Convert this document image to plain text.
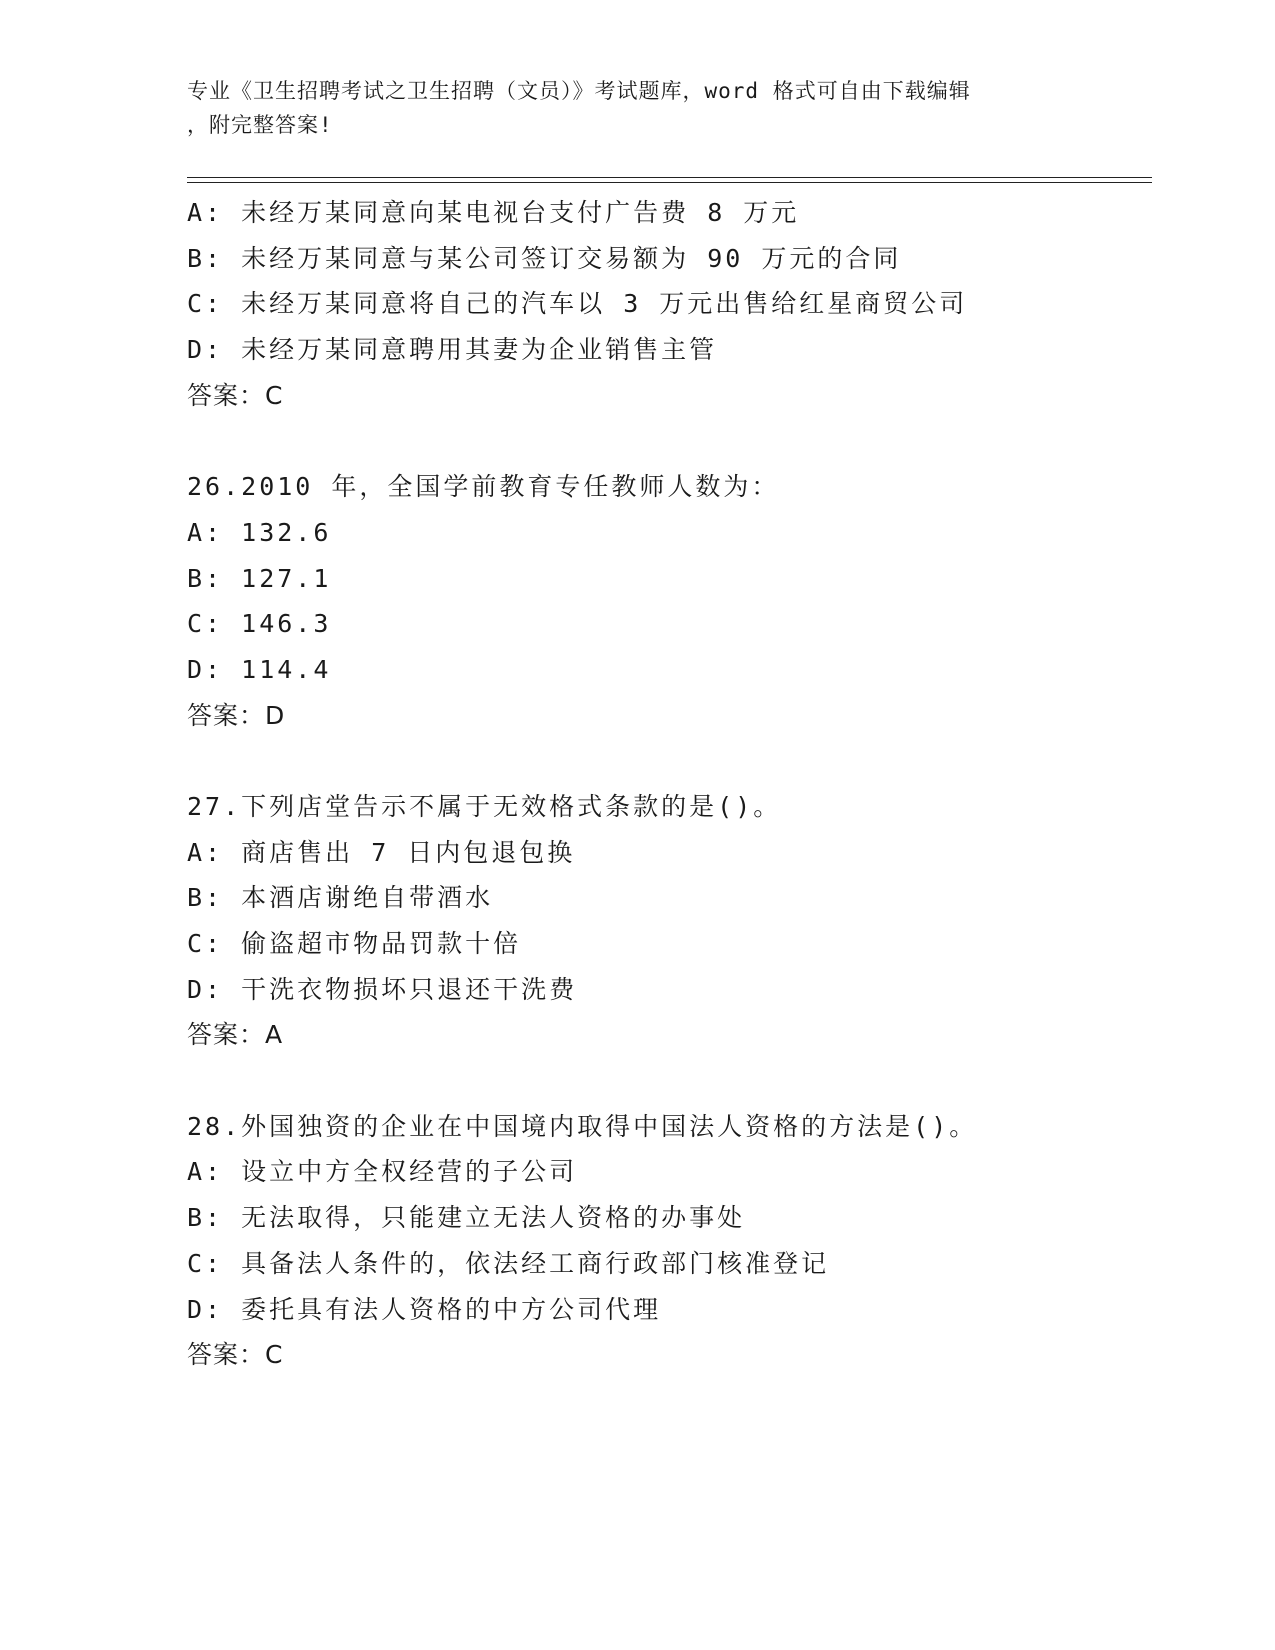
专业《卫生招聘考试之卫生招聘（文员）》考试题库，word 格式可自由下载编辑
，附完整答案!
A: 未经万某同意向某电视台支付广告费 8 万元
B: 未经万某同意与某公司签订交易额为 90 万元的合同
C: 未经万某同意将自己的汽车以 3 万元出售给红星商贸公司
D: 未经万某同意聘用其妻为企业销售主管
答案：C
26.2010 年，全国学前教育专任教师人数为：
A: 132.6
B: 127.1
C: 146.3
D: 114.4
答案：D
27.下列店堂告示不属于无效格式条款的是()。
A: 商店售出 7 日内包退包换
B: 本酒店谢绝自带酒水
C: 偷盗超市物品罚款十倍
D: 干洗衣物损坏只退还干洗费
答案：A
28.外国独资的企业在中国境内取得中国法人资格的方法是()。
A: 设立中方全权经营的子公司
B: 无法取得，只能建立无法人资格的办事处
C: 具备法人条件的，依法经工商行政部门核准登记
D: 委托具有法人资格的中方公司代理
答案：C
